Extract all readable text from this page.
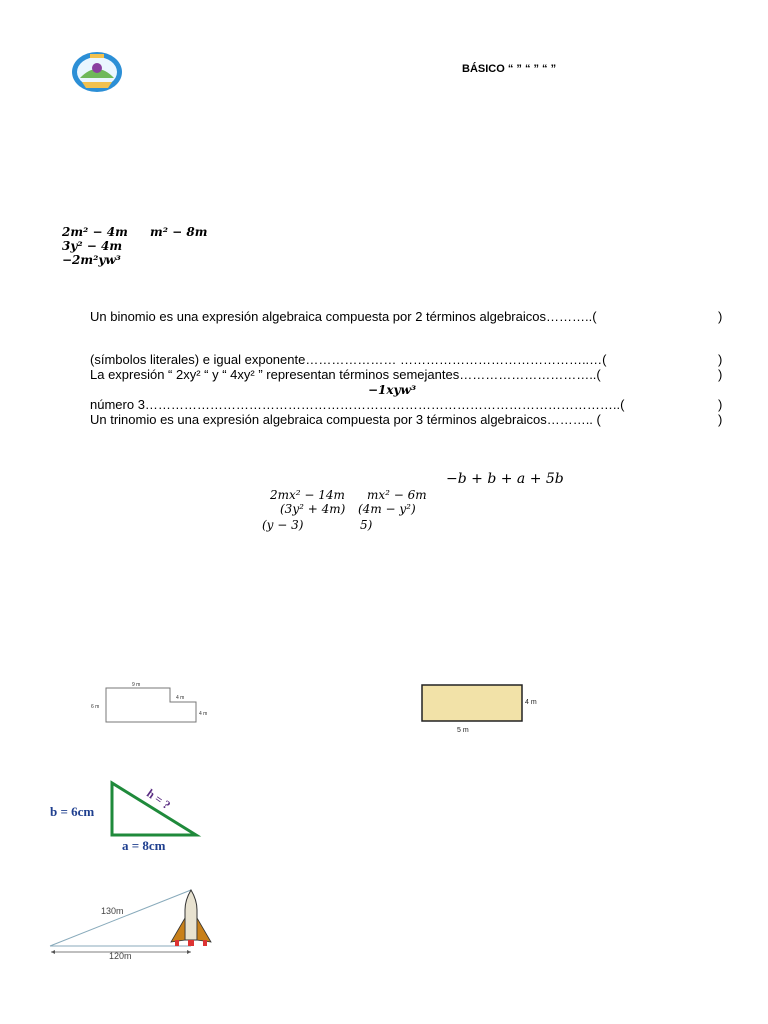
BÁSICO “ ” “ ” “ ”
2m² − 4m m² − 8m
3y² − 4m
−2m²yw³
Un binomio es una expresión algebraica compuesta por 2 términos algebraicos………..(	)
(símbolos literales) e igual exponente………………… ……………………………………..…(	)
La expresión “ 2xy² “ y “ 4xy² ” representan términos semejantes…………………………..(	)
−1xyw³
número 3………………………………………………………………………………………………..(	)
Un trinomio es una expresión algebraica compuesta por 3 términos algebraicos……….. (	)
−b + b + a + 5b
2mx² − 14m mx² − 6m
(3y² + 4m) (4m − y²)
(y − 3)	5)
9 m
4 m
6 m
4 m
4 m
5 m
b = 6cm
a = 8cm
h = ?
130m
120m
